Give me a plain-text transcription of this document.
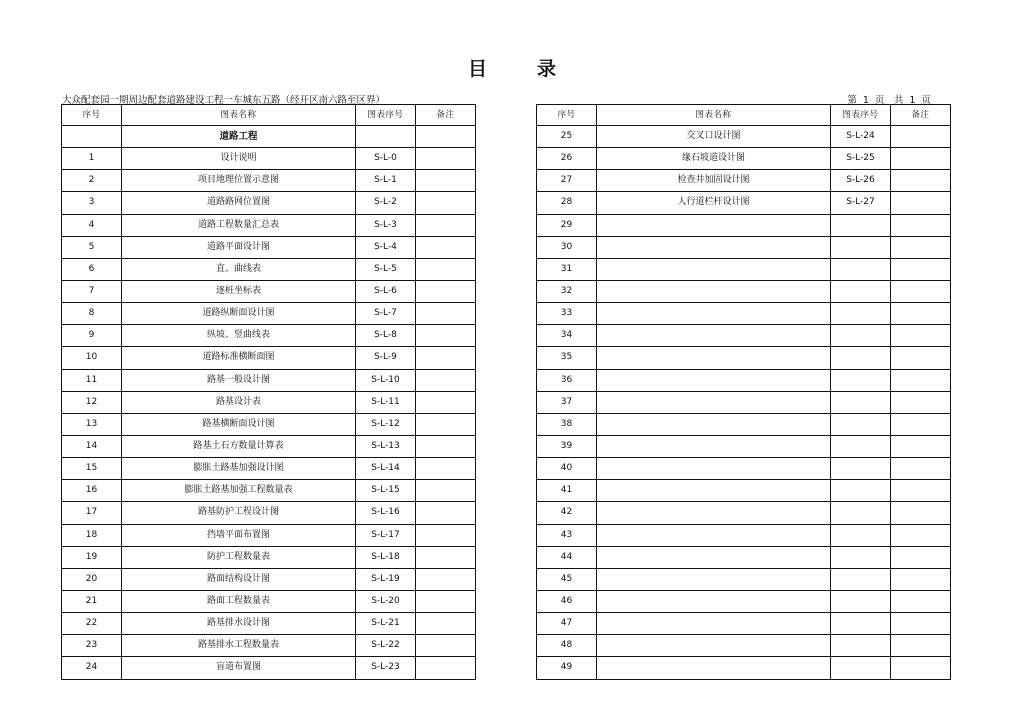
目	录
大众配套园一期周边配套道路建设工程一车城东五路（经开区南六路至区界）	第 1 页　共 1 页
序号	图表名称	图表序号	备注
	道路工程		
1	设计说明	S-L-0	
2	项目地理位置示意图	S-L-1	
3	道路路网位置图	S-L-2	
4	道路工程数量汇总表	S-L-3	
5	道路平面设计图	S-L-4	
6	直、曲线表	S-L-5	
7	逐桩坐标表	S-L-6	
8	道路纵断面设计图	S-L-7	
9	纵坡、竖曲线表	S-L-8	
10	道路标准横断面图	S-L-9	
11	路基一般设计图	S-L-10	
12	路基设计表	S-L-11	
13	路基横断面设计图	S-L-12	
14	路基土石方数量计算表	S-L-13	
15	膨胀土路基加强设计图	S-L-14	
16	膨胀土路基加强工程数量表	S-L-15	
17	路基防护工程设计图	S-L-16	
18	挡墙平面布置图	S-L-17	
19	防护工程数量表	S-L-18	
20	路面结构设计图	S-L-19	
21	路面工程数量表	S-L-20	
22	路基排水设计图	S-L-21	
23	路基排水工程数量表	S-L-22	
24	盲道布置图	S-L-23	
序号	图表名称	图表序号	备注
25	交叉口设计图	S-L-24	
26	缘石坡道设计图	S-L-25	
27	检查井加固设计图	S-L-26	
28	人行道栏杆设计图	S-L-27	
29			
30			
31			
32			
33			
34			
35			
36			
37			
38			
39			
40			
41			
42			
43			
44			
45			
46			
47			
48			
49			
